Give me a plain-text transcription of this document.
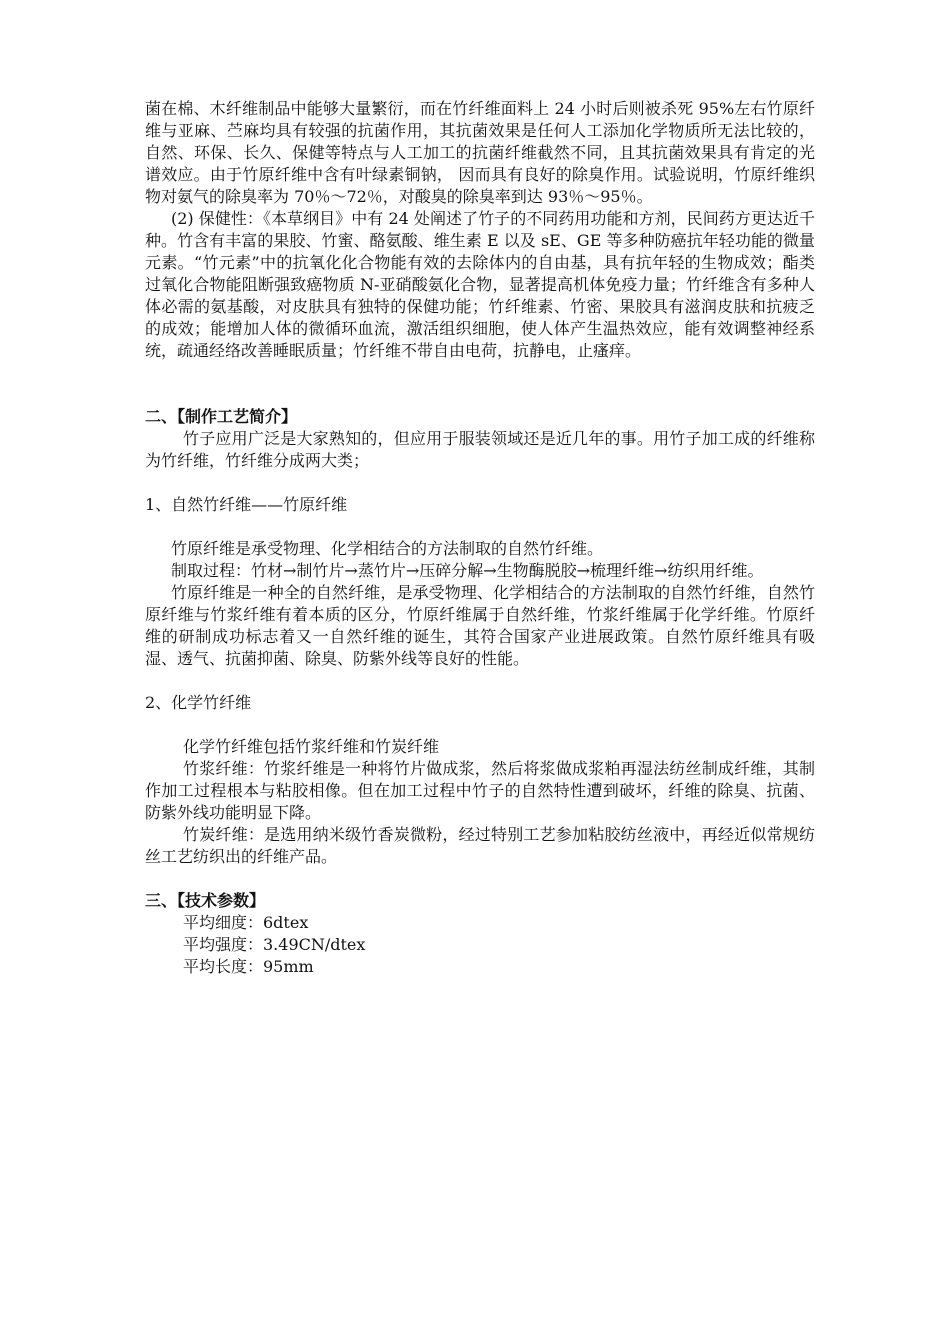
菌在棉、木纤维制品中能够大量繁衍，而在竹纤维面料上 24 小时后则被杀死 95%左右竹原纤维与亚麻、苎麻均具有较强的抗菌作用，其抗菌效果是任何人工添加化学物质所无法比较的，自然、环保、长久、保健等特点与人工加工的抗菌纤维截然不同，且其抗菌效果具有肯定的光谱效应。由于竹原纤维中含有叶绿素铜钠， 因而具有良好的除臭作用。试验说明，竹原纤维织物对氨气的除臭率为 70％～72％，对酸臭的除臭率到达 93％～95％。

(2) 保健性：《本草纲目》中有 24 处阐述了竹子的不同药用功能和方剂，民间药方更达近千种。竹含有丰富的果胶、竹蜜、酪氨酸、维生素 E 以及 sE、GE 等多种防癌抗年轻功能的微量元素。“竹元素”中的抗氧化化合物能有效的去除体内的自由基，具有抗年轻的生物成效；酯类过氧化合物能阻断强致癌物质 N-亚硝酸氨化合物，显著提高机体免疫力量；竹纤维含有多种人体必需的氨基酸，对皮肤具有独特的保健功能；竹纤维素、竹密、果胶具有滋润皮肤和抗疲乏的成效；能增加人体的微循环血流，激活组织细胞，使人体产生温热效应，能有效调整神经系统，疏通经络改善睡眠质量；竹纤维不带自由电荷，抗静电，止瘙痒。

二、【制作工艺简介】

竹子应用广泛是大家熟知的，但应用于服装领域还是近几年的事。用竹子加工成的纤维称为竹纤维，竹纤维分成两大类；

1、自然竹纤维——竹原纤维

竹原纤维是承受物理、化学相结合的方法制取的自然竹纤维。

制取过程：竹材→制竹片→蒸竹片→压碎分解→生物酶脱胶→梳理纤维→纺织用纤维。

竹原纤维是一种全的自然纤维，是承受物理、化学相结合的方法制取的自然竹纤维，自然竹原纤维与竹浆纤维有着本质的区分，竹原纤维属于自然纤维，竹浆纤维属于化学纤维。竹原纤维的研制成功标志着又一自然纤维的诞生，其符合国家产业进展政策。自然竹原纤维具有吸湿、透气、抗菌抑菌、除臭、防紫外线等良好的性能。

2、化学竹纤维

化学竹纤维包括竹浆纤维和竹炭纤维

竹浆纤维：竹浆纤维是一种将竹片做成浆，然后将浆做成浆粕再湿法纺丝制成纤维，其制作加工过程根本与粘胶相像。但在加工过程中竹子的自然特性遭到破坏，纤维的除臭、抗菌、防紫外线功能明显下降。

竹炭纤维：是选用纳米级竹香炭微粉，经过特别工艺参加粘胶纺丝液中，再经近似常规纺丝工艺纺织出的纤维产品。

三、【技术参数】

平均细度：6dtex

平均强度：3.49CN/dtex

平均长度：95mm
